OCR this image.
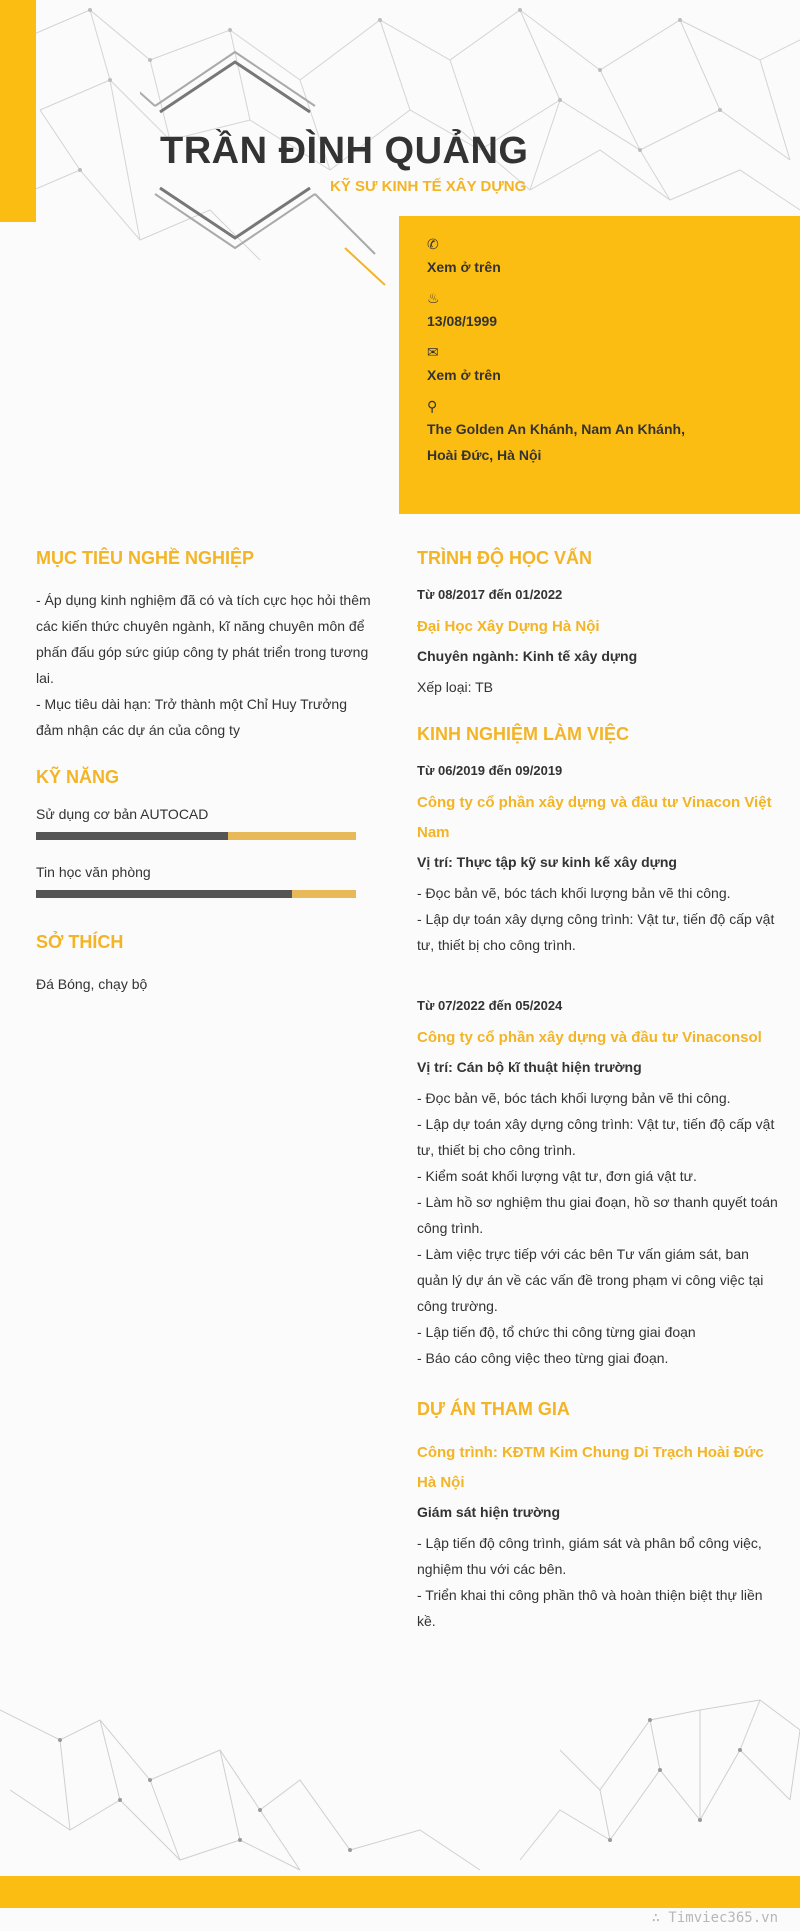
TRẦN ĐÌNH QUẢNG
KỸ SƯ KINH TẾ XÂY DỰNG
✆
Xem ở trên
♨
13/08/1999
✉
Xem ở trên
⚲
The Golden An Khánh, Nam An Khánh, Hoài Đức, Hà Nội
MỤC TIÊU NGHỀ NGHIỆP
- Áp dụng kinh nghiệm đã có và tích cực học hỏi thêm các kiến thức chuyên ngành, kĩ năng chuyên môn để phấn đấu góp sức giúp công ty phát triển trong tương lai.
- Mục tiêu dài hạn: Trở thành một Chỉ Huy Trưởng đảm nhận các dự án của công ty
KỸ NĂNG
Sử dụng cơ bản AUTOCAD
Tin học văn phòng
SỞ THÍCH
Đá Bóng, chạy bộ
TRÌNH ĐỘ HỌC VẤN
Từ 08/2017 đến 01/2022
Đại Học Xây Dựng Hà Nội
Chuyên ngành: Kinh tế xây dựng
Xếp loại: TB
KINH NGHIỆM LÀM VIỆC
Từ 06/2019 đến 09/2019
Công ty cổ phần xây dựng và đầu tư Vinacon Việt Nam
Vị trí: Thực tập kỹ sư kinh kế xây dựng
- Đọc bản vẽ, bóc tách khối lượng bản vẽ thi công.
- Lập dự toán xây dựng công trình: Vật tư, tiến độ cấp vật tư, thiết bị cho công trình.
Từ 07/2022 đến 05/2024
Công ty cổ phần xây dựng và đầu tư Vinaconsol
Vị trí: Cán bộ kĩ thuật hiện trường
- Đọc bản vẽ, bóc tách khối lượng bản vẽ thi công.
- Lập dự toán xây dựng công trình: Vật tư, tiến độ cấp vật tư, thiết bị cho công trình.
- Kiểm soát khối lượng vật tư, đơn giá vật tư.
- Làm hồ sơ nghiệm thu giai đoạn, hồ sơ thanh quyết toán công trình.
- Làm việc trực tiếp với các bên Tư vấn giám sát, ban quản lý dự án về các vấn đề trong phạm vi công việc tại công trường.
- Lập tiến độ, tổ chức thi công từng giai đoạn
- Báo cáo công việc theo từng giai đoạn.
DỰ ÁN THAM GIA
Công trình: KĐTM Kim Chung Di Trạch Hoài Đức Hà Nội
Giám sát hiện trường
- Lập tiến độ công trình, giám sát và phân bổ công việc, nghiệm thu với các bên.
- Triển khai thi công phần thô và hoàn thiện biệt thự liền kề.
∴ Timviec365.vn
